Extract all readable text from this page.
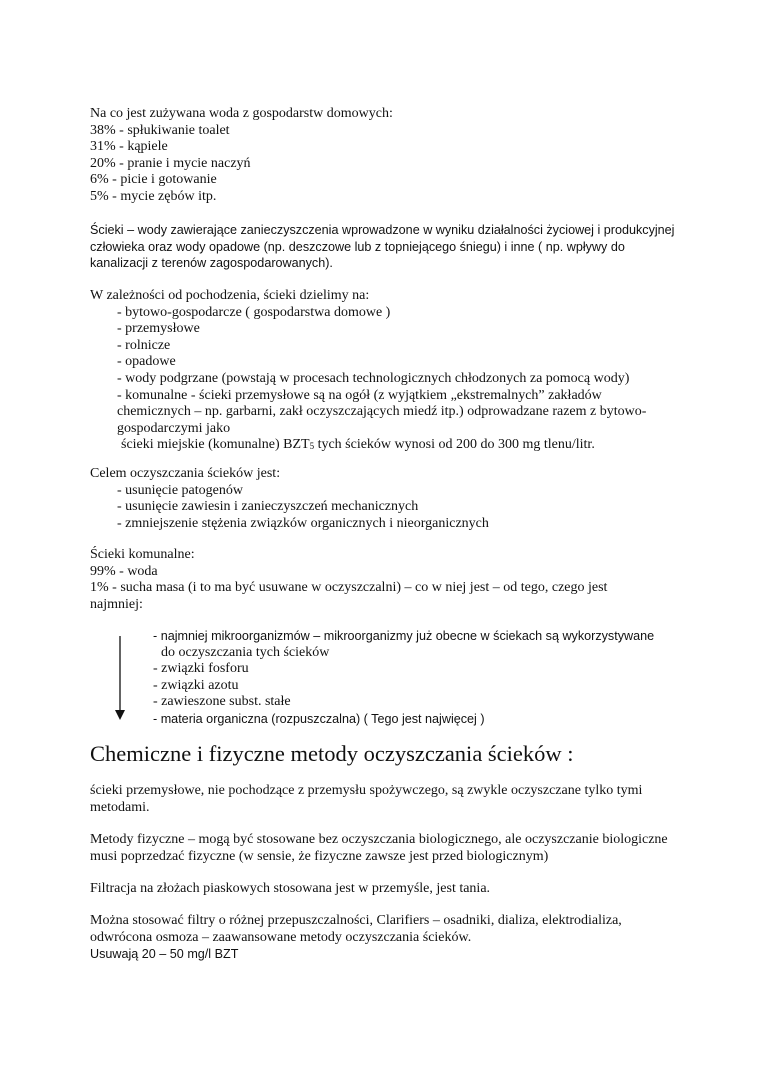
Na co jest zużywana woda z gospodarstw domowych:
38% - spłukiwanie toalet
31% - kąpiele
20% - pranie i mycie naczyń
6% - picie i gotowanie
5% - mycie zębów itp.
Ścieki – wody zawierające zanieczyszczenia wprowadzone w wyniku działalności życiowej i produkcyjnej człowieka oraz wody opadowe (np. deszczowe lub z topniejącego śniegu) i inne ( np. wpływy do kanalizacji z terenów zagospodarowanych).
W zależności od pochodzenia, ścieki dzielimy na:
- bytowo-gospodarcze ( gospodarstwa domowe )
- przemysłowe
- rolnicze
- opadowe
- wody podgrzane (powstają w procesach technologicznych chłodzonych za pomocą wody)
- komunalne - ścieki przemysłowe są na ogół (z wyjątkiem „ekstremalnych” zakładów chemicznych – np. garbarni, zakł oczyszczających miedź itp.) odprowadzane razem z bytowo-gospodarczymi jako
ścieki miejskie (komunalne) $BZT_5$ tych ścieków wynosi od 200 do 300 mg tlenu/litr.
Celem oczyszczania ścieków jest:
- usunięcie patogenów
- usunięcie zawiesin i zanieczyszczeń mechanicznych
- zmniejszenie stężenia związków organicznych i nieorganicznych
Ścieki komunalne:
99% - woda
1% - sucha masa (i to ma być usuwane w oczyszczalni) – co w niej jest – od tego, czego jest najmniej:
- najmniej mikroorganizmów – mikroorganizmy już obecne w ściekach są wykorzystywane
do oczyszczania tych ścieków
- związki fosforu
- związki azotu
- zawieszone subst. stałe
- materia organiczna (rozpuszczalna) ( Tego jest najwięcej )
Chemiczne i fizyczne metody oczyszczania ścieków :
ścieki przemysłowe, nie pochodzące z przemysłu spożywczego, są zwykle oczyszczane tylko tymi metodami.
Metody fizyczne – mogą być stosowane bez oczyszczania biologicznego, ale oczyszczanie biologiczne musi poprzedzać fizyczne (w sensie, że fizyczne zawsze jest przed biologicznym)
Filtracja na złożach piaskowych stosowana jest w przemyśle, jest tania.
Można stosować filtry o różnej przepuszczalności, Clarifiers – osadniki, dializa, elektrodializa, odwrócona osmoza – zaawansowane metody oczyszczania ścieków.
Usuwają 20 – 50 mg/l BZT
